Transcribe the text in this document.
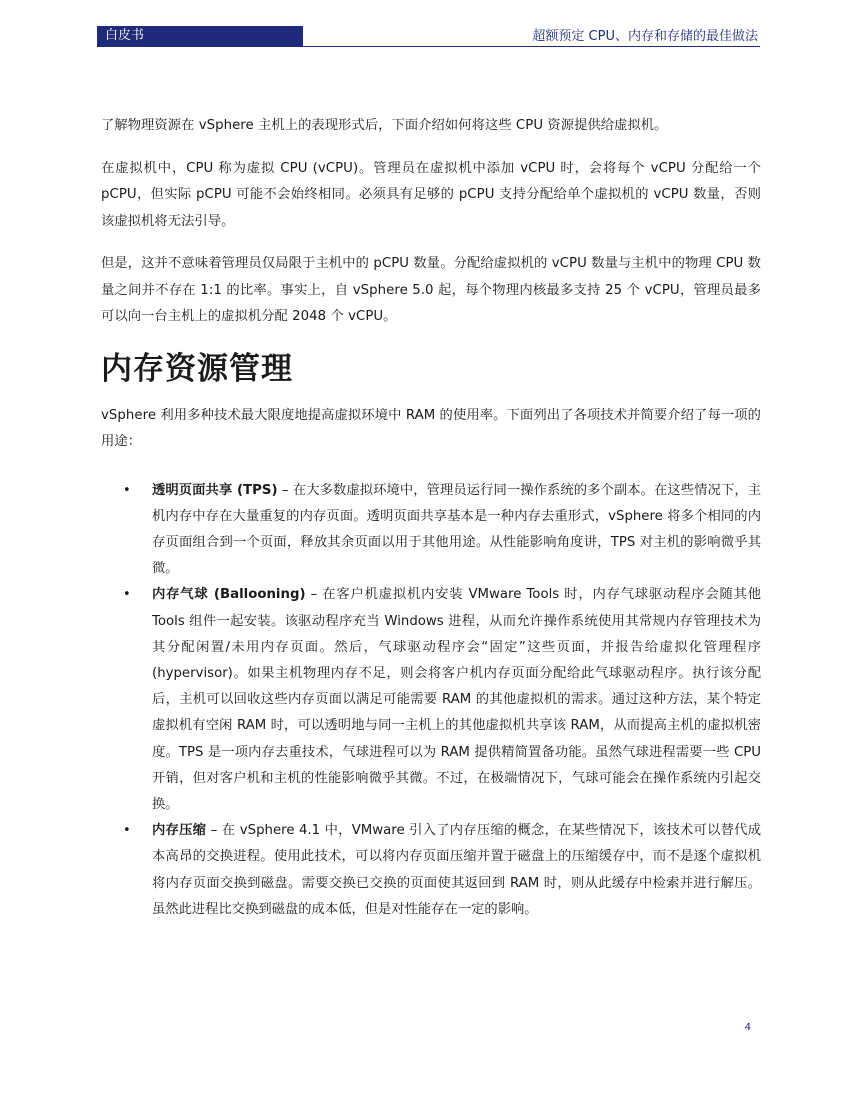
白皮书	超额预定 CPU、内存和存储的最佳做法

了解物理资源在 vSphere 主机上的表现形式后，下面介绍如何将这些 CPU 资源提供给虚拟机。

在虚拟机中，CPU 称为虚拟 CPU (vCPU)。管理员在虚拟机中添加 vCPU 时，会将每个 vCPU 分配给一个 pCPU，但实际 pCPU 可能不会始终相同。必须具有足够的 pCPU 支持分配给单个虚拟机的 vCPU 数量，否则该虚拟机将无法引导。

但是，这并不意味着管理员仅局限于主机中的 pCPU 数量。分配给虚拟机的 vCPU 数量与主机中的物理 CPU 数量之间并不存在 1:1 的比率。事实上，自 vSphere 5.0 起，每个物理内核最多支持 25 个 vCPU，管理员最多可以向一台主机上的虚拟机分配 2048 个 vCPU。

内存资源管理

vSphere 利用多种技术最大限度地提高虚拟环境中 RAM 的使用率。下面列出了各项技术并简要介绍了每一项的用途：

• 透明页面共享 (TPS) – 在大多数虚拟环境中，管理员运行同一操作系统的多个副本。在这些情况下，主机内存中存在大量重复的内存页面。透明页面共享基本是一种内存去重形式，vSphere 将多个相同的内存页面组合到一个页面，释放其余页面以用于其他用途。从性能影响角度讲，TPS 对主机的影响微乎其微。
• 内存气球 (Ballooning) – 在客户机虚拟机内安装 VMware Tools 时，内存气球驱动程序会随其他 Tools 组件一起安装。该驱动程序充当 Windows 进程，从而允许操作系统使用其常规内存管理技术为其分配闲置/未用内存页面。然后，气球驱动程序会“固定”这些页面，并报告给虚拟化管理程序 (hypervisor)。如果主机物理内存不足，则会将客户机内存页面分配给此气球驱动程序。执行该分配后，主机可以回收这些内存页面以满足可能需要 RAM 的其他虚拟机的需求。通过这种方法，某个特定虚拟机有空闲 RAM 时，可以透明地与同一主机上的其他虚拟机共享该 RAM，从而提高主机的虚拟机密度。TPS 是一项内存去重技术，气球进程可以为 RAM 提供精简置备功能。虽然气球进程需要一些 CPU 开销，但对客户机和主机的性能影响微乎其微。不过，在极端情况下，气球可能会在操作系统内引起交换。
• 内存压缩 – 在 vSphere 4.1 中，VMware 引入了内存压缩的概念，在某些情况下，该技术可以替代成本高昂的交换进程。使用此技术，可以将内存页面压缩并置于磁盘上的压缩缓存中，而不是逐个虚拟机将内存页面交换到磁盘。需要交换已交换的页面使其返回到 RAM 时，则从此缓存中检索并进行解压。虽然此进程比交换到磁盘的成本低，但是对性能存在一定的影响。
4
